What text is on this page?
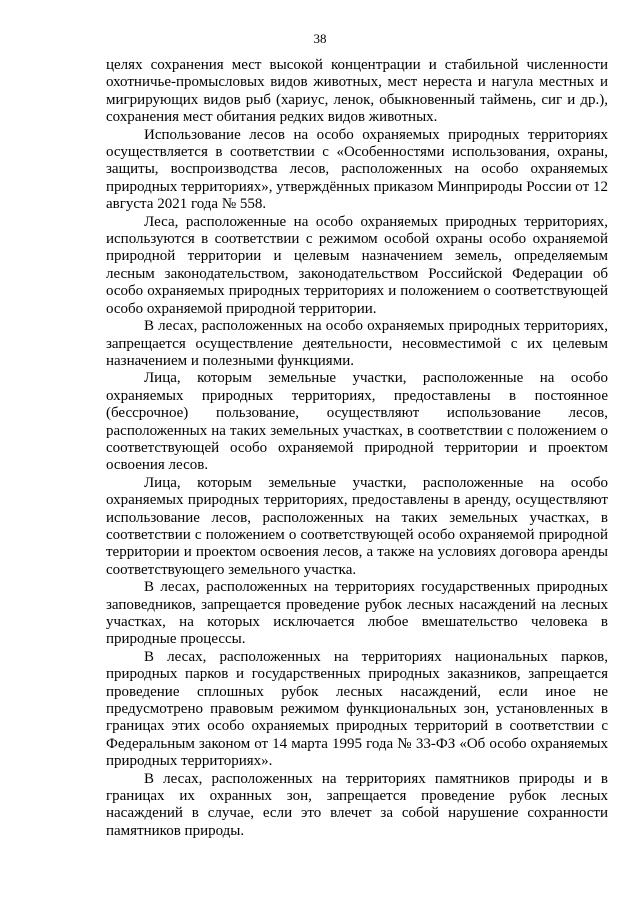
38

целях сохранения мест высокой концентрации и стабильной численности охотничье-промысловых видов животных, мест нереста и нагула местных и мигрирующих видов рыб (хариус, ленок, обыкновенный таймень, сиг и др.), сохранения мест обитания редких видов животных.

Использование лесов на особо охраняемых природных территориях осуществляется в соответствии с «Особенностями использования, охраны, защиты, воспроизводства лесов, расположенных на особо охраняемых природных территориях», утверждённых приказом Минприроды России от 12 августа 2021 года № 558.

Леса, расположенные на особо охраняемых природных территориях, используются в соответствии с режимом особой охраны особо охраняемой природной территории и целевым назначением земель, определяемым лесным законодательством, законодательством Российской Федерации об особо охраняемых природных территориях и положением о соответствующей особо охраняемой природной территории.

В лесах, расположенных на особо охраняемых природных территориях, запрещается осуществление деятельности, несовместимой с их целевым назначением и полезными функциями.

Лица, которым земельные участки, расположенные на особо охраняемых природных территориях, предоставлены в постоянное (бессрочное) пользование, осуществляют использование лесов, расположенных на таких земельных участках, в соответствии с положением о соответствующей особо охраняемой природной территории и проектом освоения лесов.

Лица, которым земельные участки, расположенные на особо охраняемых природных территориях, предоставлены в аренду, осуществляют использование лесов, расположенных на таких земельных участках, в соответствии с положением о соответствующей особо охраняемой природной территории и проектом освоения лесов, а также на условиях договора аренды соответствующего земельного участка.

В лесах, расположенных на территориях государственных природных заповедников, запрещается проведение рубок лесных насаждений на лесных участках, на которых исключается любое вмешательство человека в природные процессы.

В лесах, расположенных на территориях национальных парков, природных парков и государственных природных заказников, запрещается проведение сплошных рубок лесных насаждений, если иное не предусмотрено правовым режимом функциональных зон, установленных в границах этих особо охраняемых природных территорий в соответствии с Федеральным законом от 14 марта 1995 года № 33-ФЗ «Об особо охраняемых природных территориях».

В лесах, расположенных на территориях памятников природы и в границах их охранных зон, запрещается проведение рубок лесных насаждений в случае, если это влечет за собой нарушение сохранности памятников природы.
